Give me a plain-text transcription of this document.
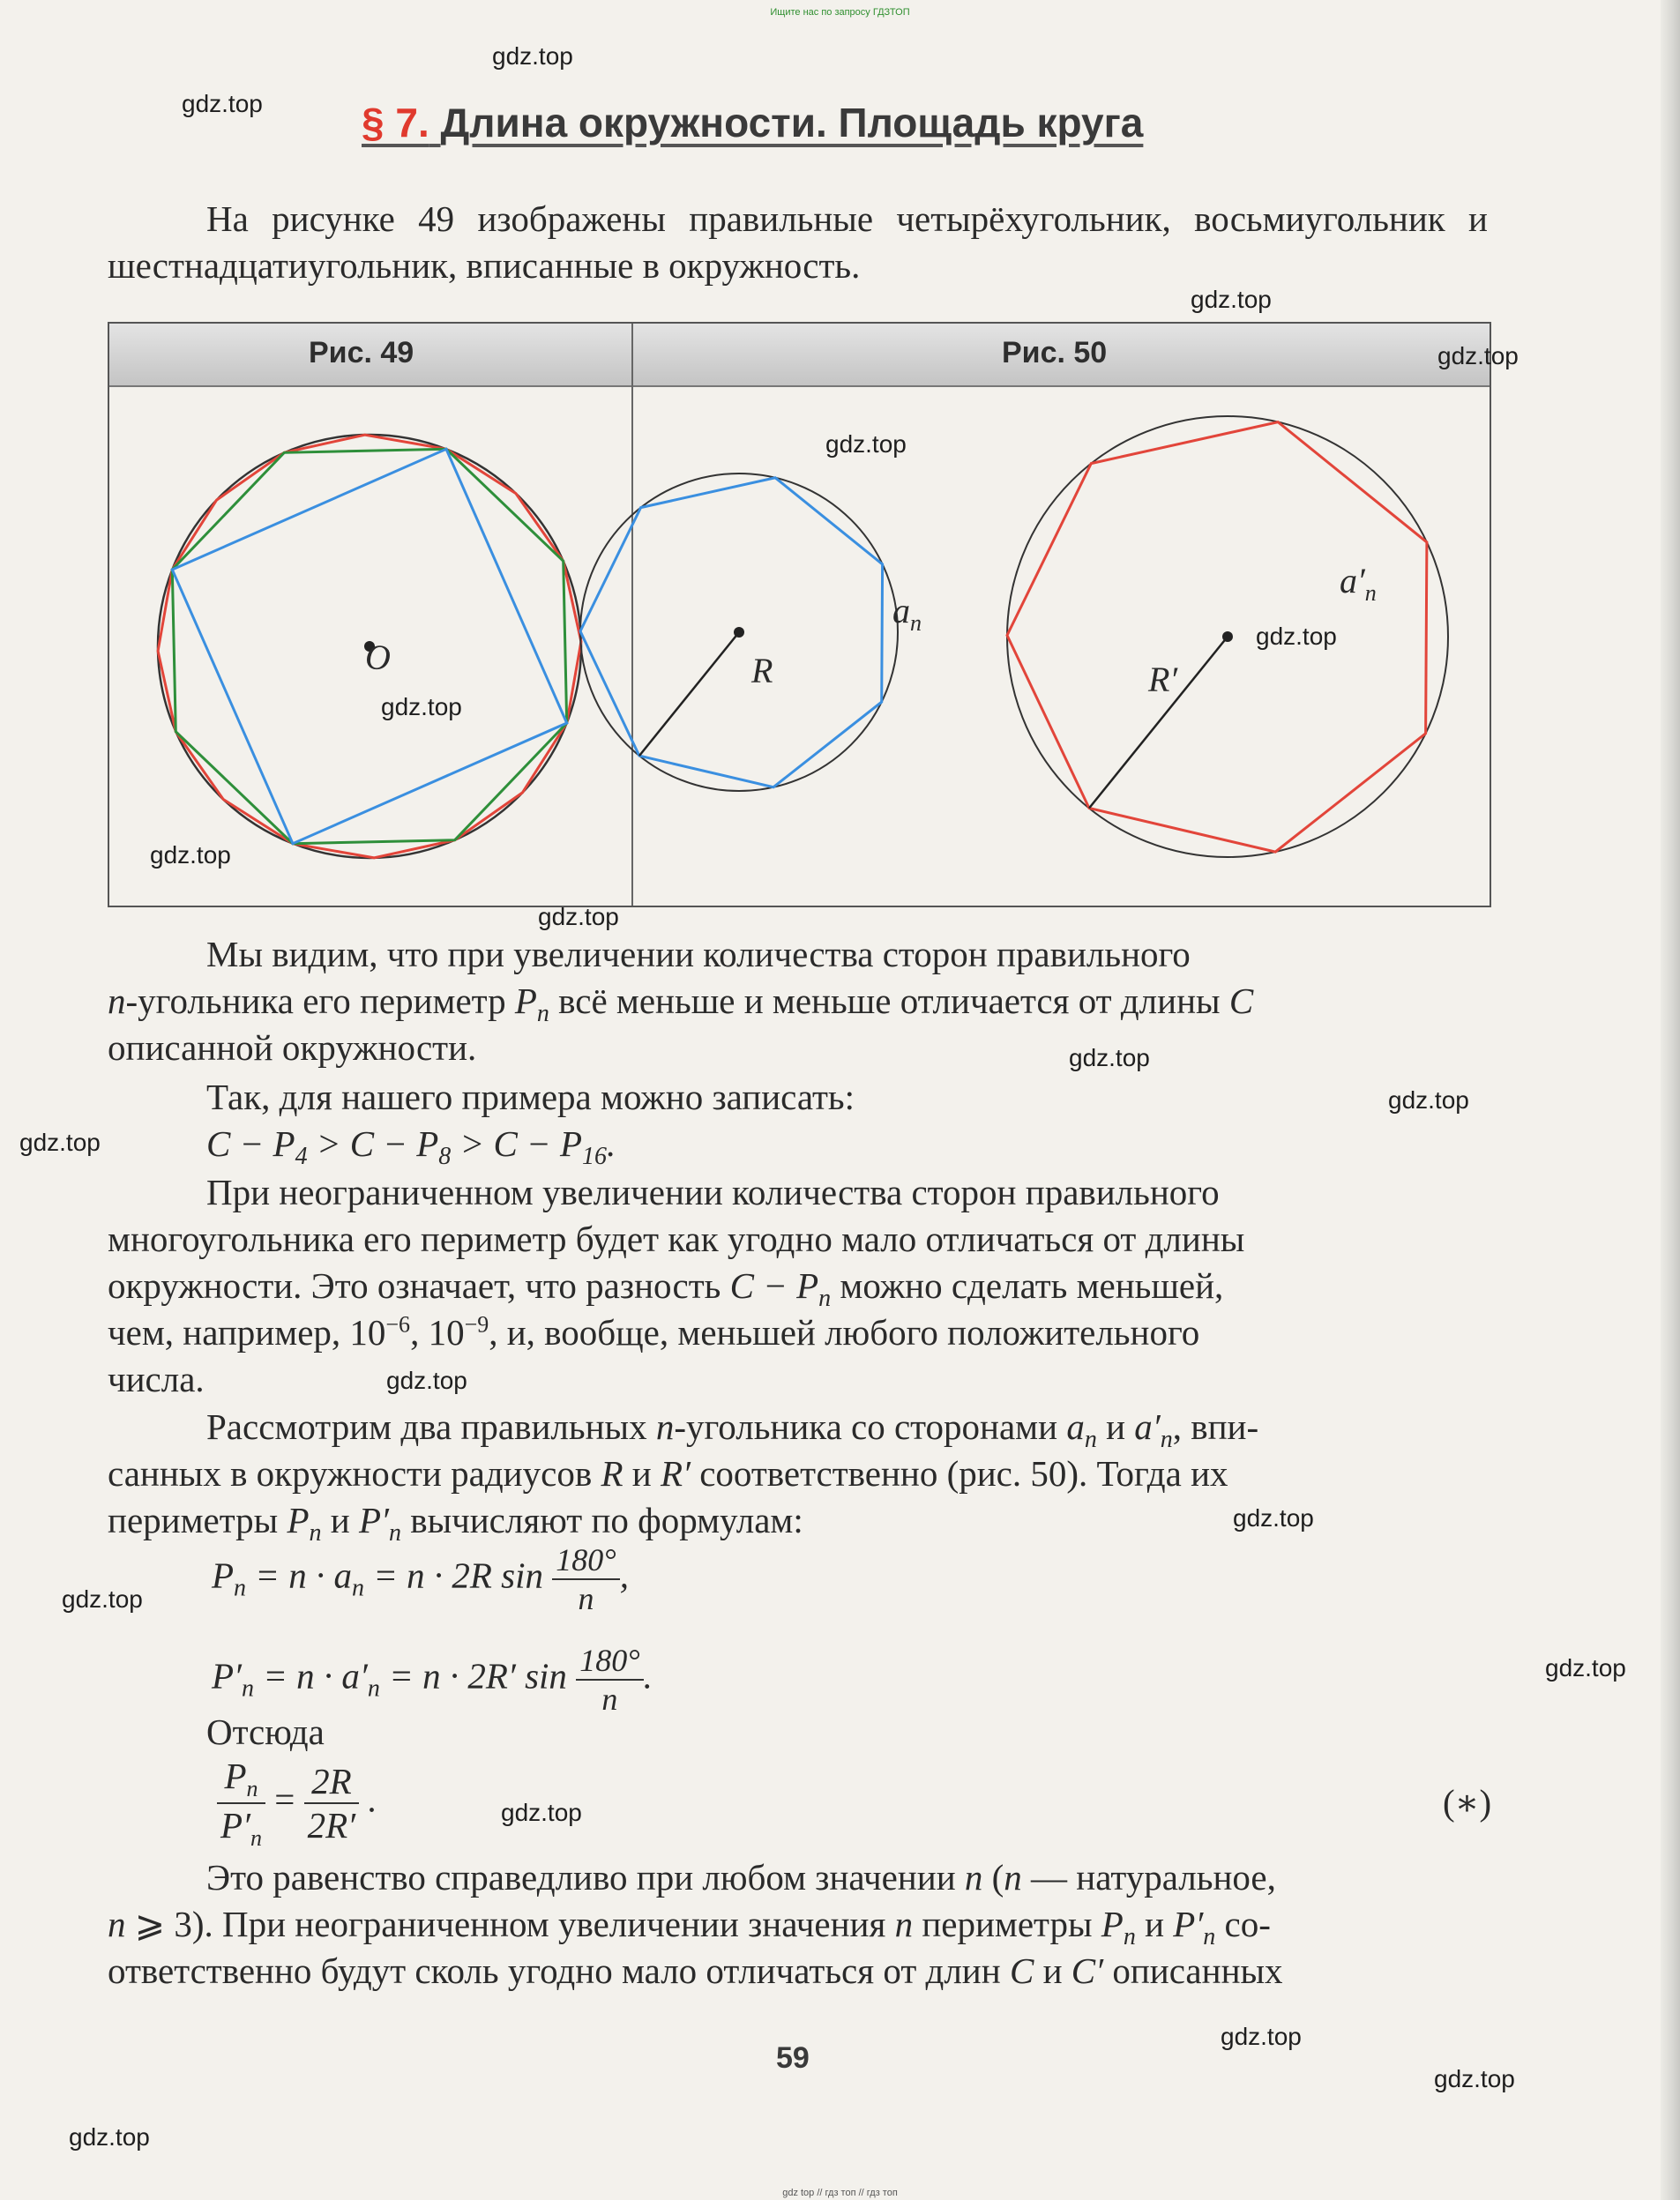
Ищите нас по запросу ГДЗТОП
§ 7. Длина окружности. Площадь круга
На рисунке 49 изображены правильные четырёхугольник, восьмиугольник и шестнадцатиугольник, вписанные в окружность.
Рис. 49	Рис. 50
O
$a_n$
R
$a'_n$
R′
Мы видим, что при увеличении количества сторон правильного
n-угольника его периметр $P_n$ всё меньше и меньше отличается от длины C
описанной окружности.
Так, для нашего примера можно записать:
$C - P_4 > C - P_8 > C - P_{16}$.
При неограниченном увеличении количества сторон правильного
многоугольника его периметр будет как угодно мало отличаться от длины
окружности. Это означает, что разность $C - P_n$ можно сделать меньшей,
чем, например, $10^{-6}$, $10^{-9}$, и, вообще, меньшей любого положительного
числа.
Рассмотрим два правильных n-угольника со сторонами $a_n$ и $a'_n$, впи-
санных в окружности радиусов R и R′ соответственно (рис. 50). Тогда их
периметры $P_n$ и $P'_n$ вычисляют по формулам:
$P_n = n \cdot a_n = n \cdot 2R$ $\sin \frac{180^\circ}{n}$ ,
$P'_n = n \cdot a'_n = n \cdot 2R'$ $\sin \frac{180^\circ}{n}$ .
Отсюда
$\frac{P_n}{P'_n} = \frac{2R}{2R'}$ .	(∗)
Это равенство справедливо при любом значении n (n — натуральное,
n ⩾ 3). При неограниченном увеличении значения n периметры $P_n$ и $P'_n$ со-
ответственно будут сколь угодно мало отличаться от длин C и C′ описанных
59
gdz.top
gdz.top
gdz.top
gdz.top
gdz.top
gdz.top
gdz.top
gdz.top
gdz.top
gdz.top
gdz.top
gdz.top
gdz.top
gdz.top
gdz.top
gdz.top
gdz.top
gdz.top
gdz.top
gdz.top
gdz top // гдз топ // гдз топ
